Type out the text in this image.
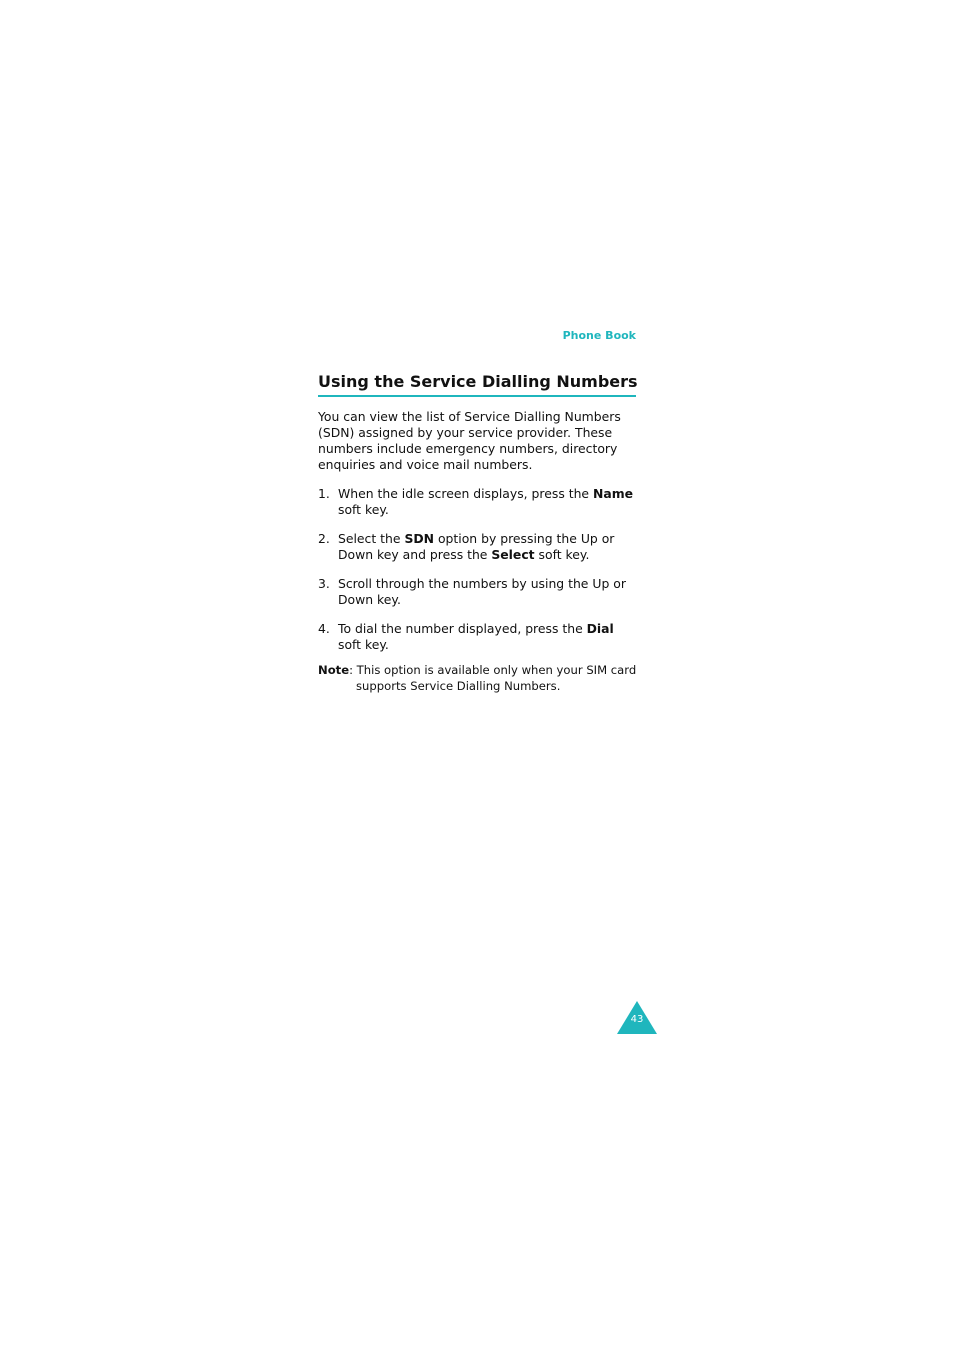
Phone Book
Using the Service Dialling Numbers

You can view the list of Service Dialling Numbers (SDN) assigned by your service provider. These numbers include emergency numbers, directory enquiries and voice mail numbers.

1. When the idle screen displays, press the Name soft key.
2. Select the SDN option by pressing the Up or Down key and press the Select soft key.
3. Scroll through the numbers by using the Up or Down key.
4. To dial the number displayed, press the Dial soft key.
Note: This option is available only when your SIM card
supports Service Dialling Numbers.
43
